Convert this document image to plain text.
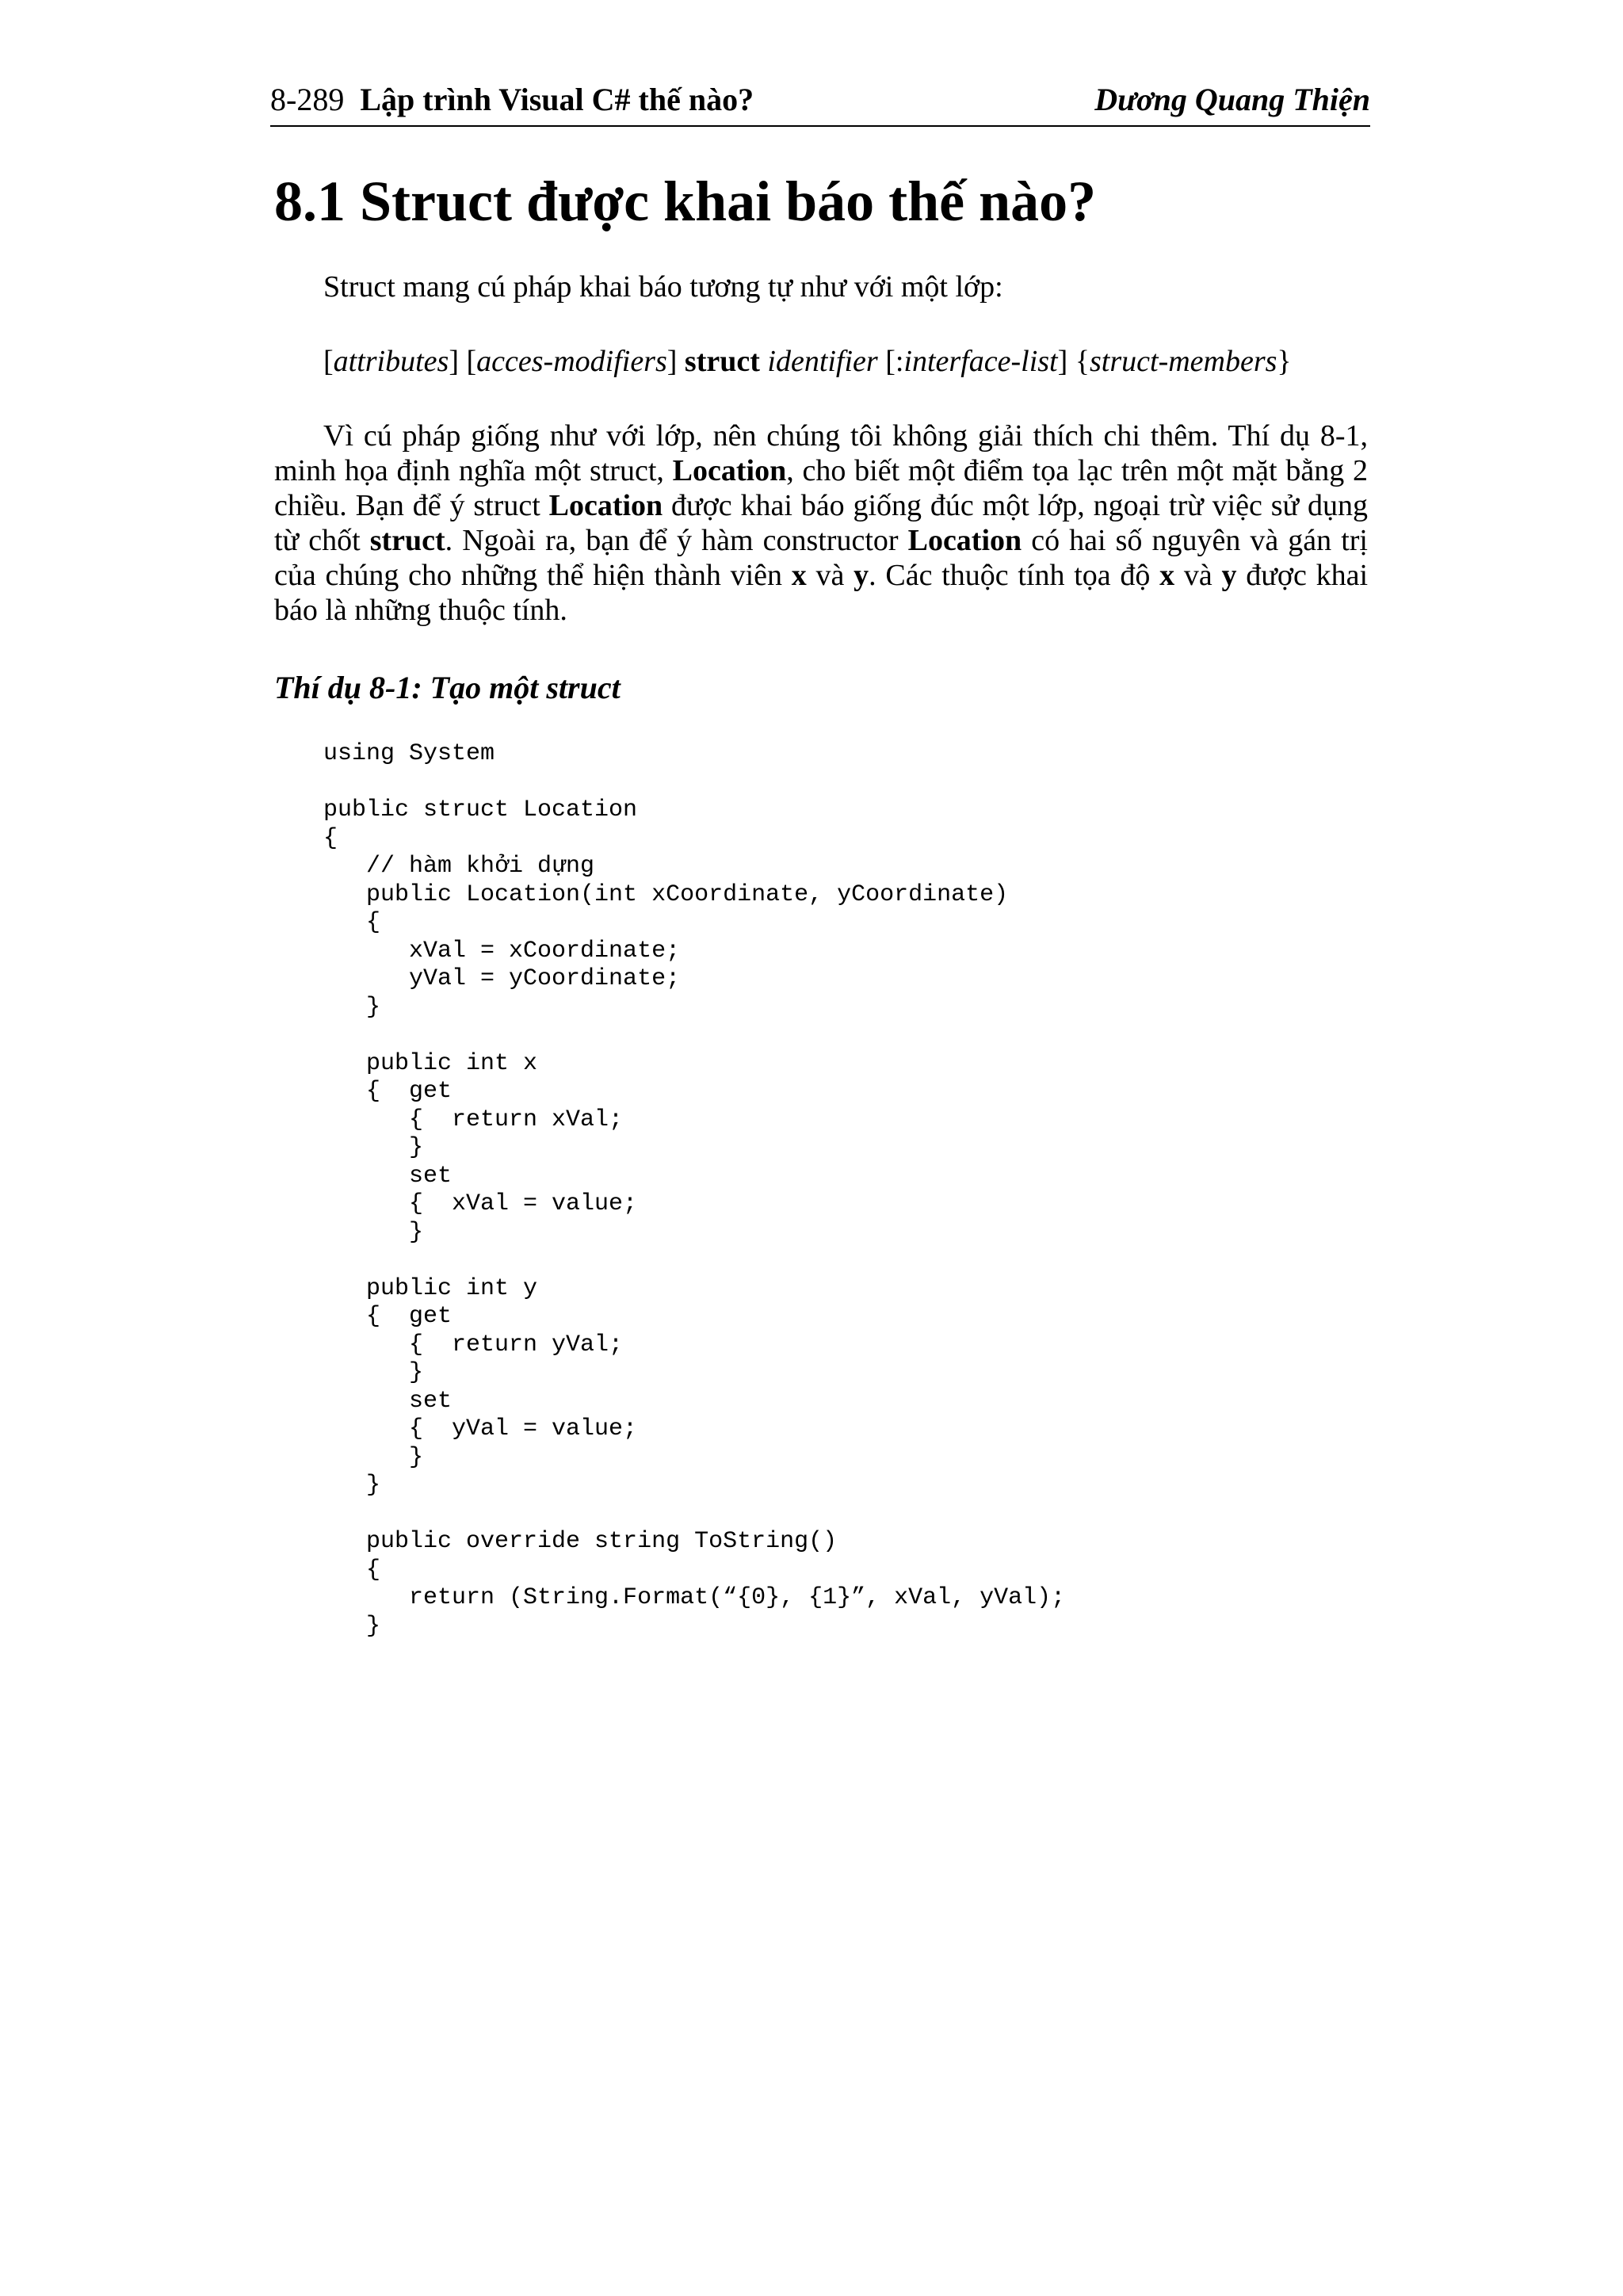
8-289 Lập trình Visual C# thế nào?	Dương Quang Thiện
8.1 Struct được khai báo thế nào?

Struct mang cú pháp khai báo tương tự như với một lớp:

[attributes] [acces-modifiers] struct identifier [:interface-list] {struct-members}

Vì cú pháp giống như với lớp, nên chúng tôi không giải thích chi thêm. Thí dụ 8-1,
minh họa định nghĩa một struct, Location, cho biết một điểm tọa lạc trên một mặt bằng 2
chiều. Bạn để ý struct Location được khai báo giống đúc một lớp, ngoại trừ việc sử dụng
từ chốt struct. Ngoài ra, bạn để ý hàm constructor Location có hai số nguyên và gán trị
của chúng cho những thể hiện thành viên x và y. Các thuộc tính tọa độ x và y được khai
báo là những thuộc tính.

Thí dụ 8-1: Tạo một struct

using System
public struct Location
{
// hàm khởi dựng
public Location(int xCoordinate, yCoordinate)
{
xVal = xCoordinate;
yVal = yCoordinate;
}
public int x
{  get
{  return xVal;
}
set
{  xVal = value;
}
public int y
{  get
{  return yVal;
}
set
{  yVal = value;
}
}
public override string ToString()
{
return (String.Format(“{0}, {1}”, xVal, yVal);
}
